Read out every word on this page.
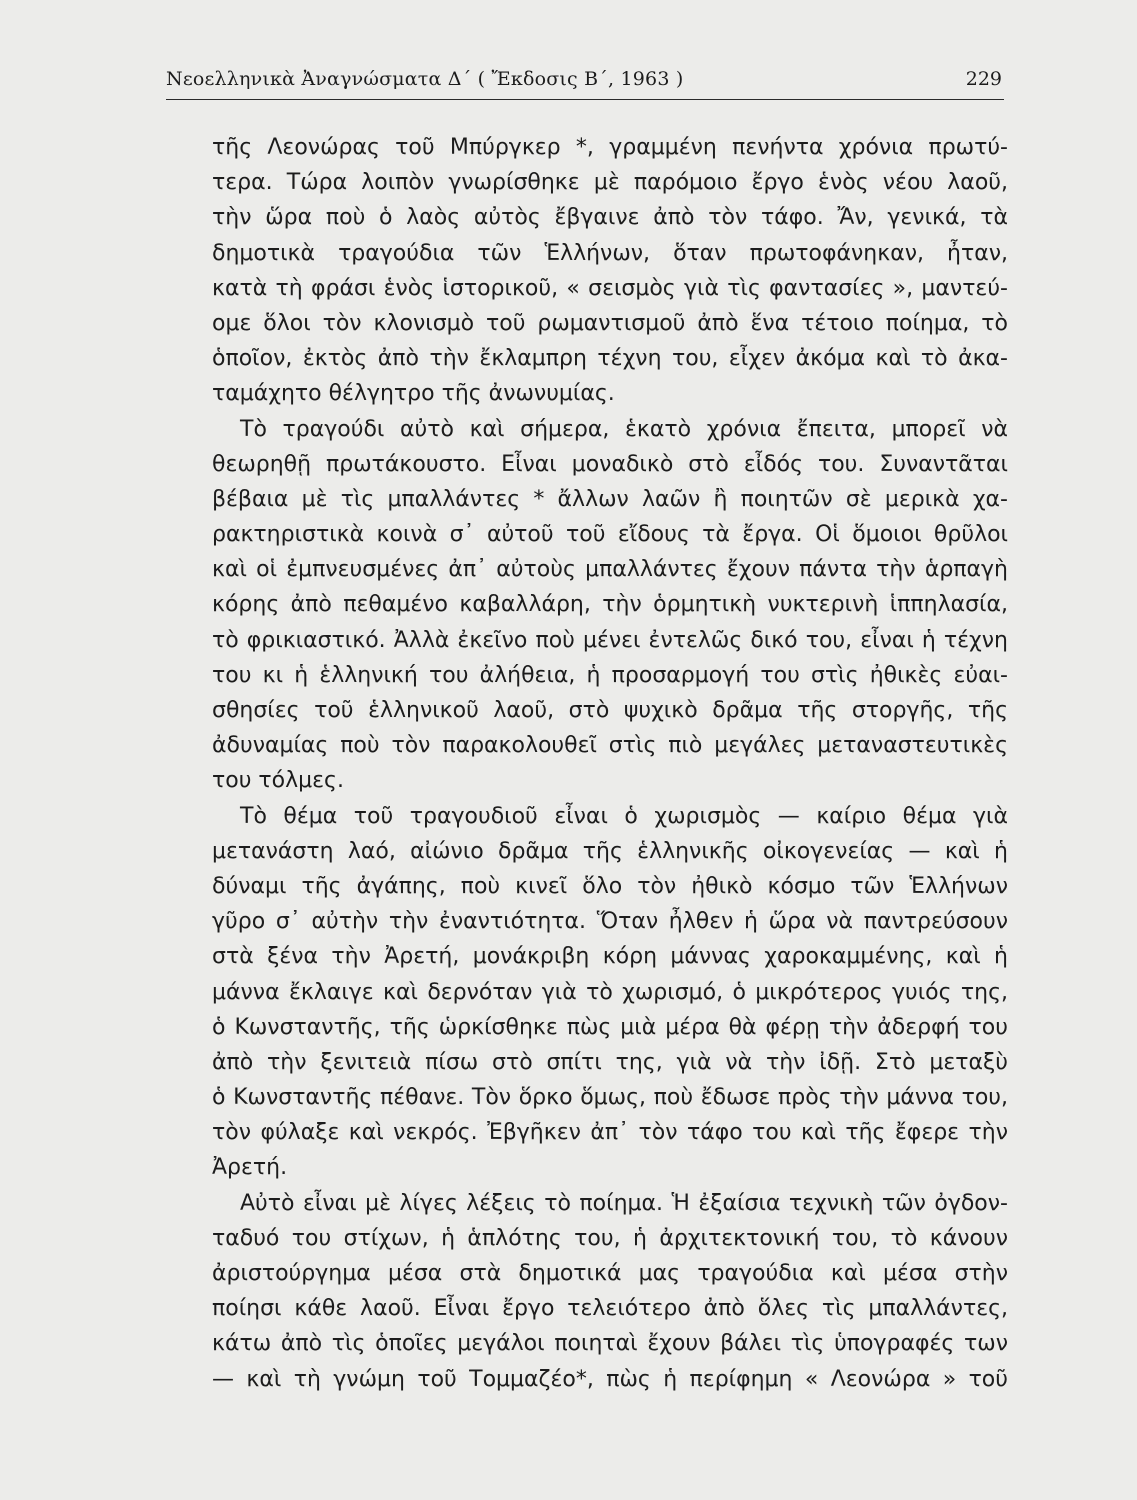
Νεοελληνικὰ Ἀναγνώσματα Δ΄ ( Ἔκδοσις Β΄, 1963 )	229
τῆς Λεονώρας τοῦ Μπύργκερ *, γραμμένη πενήντα χρόνια πρωτύ-
τερα. Τώρα λοιπὸν γνωρίσθηκε μὲ παρόμοιο ἔργο ἑνὸς νέου λαοῦ,
τὴν ὥρα ποὺ ὁ λαὸς αὐτὸς ἔβγαινε ἀπὸ τὸν τάφο. Ἄν, γενικά, τὰ
δημοτικὰ τραγούδια τῶν Ἑλλήνων, ὅταν πρωτοφάνηκαν, ἦταν,
κατὰ τὴ φράσι ἑνὸς ἱστορικοῦ, « σεισμὸς γιὰ τὶς φαντασίες », μαντεύ-
ομε ὅλοι τὸν κλονισμὸ τοῦ ρωμαντισμοῦ ἀπὸ ἕνα τέτοιο ποίημα, τὸ
ὁποῖον, ἐκτὸς ἀπὸ τὴν ἔκλαμπρη τέχνη του, εἶχεν ἀκόμα καὶ τὸ ἀκα-
ταμάχητο θέλγητρο τῆς ἀνωνυμίας.
Τὸ τραγούδι αὐτὸ καὶ σήμερα, ἑκατὸ χρόνια ἔπειτα, μπορεῖ νὰ
θεωρηθῇ πρωτάκουστο. Εἶναι μοναδικὸ στὸ εἶδός του. Συναντᾶται
βέβαια μὲ τὶς μπαλλάντες * ἄλλων λαῶν ἢ ποιητῶν σὲ μερικὰ χα-
ρακτηριστικὰ κοινὰ σ᾿ αὐτοῦ τοῦ εἴδους τὰ ἔργα. Οἱ ὅμοιοι θρῦλοι
καὶ οἱ ἐμπνευσμένες ἀπ᾿ αὐτοὺς μπαλλάντες ἔχουν πάντα τὴν ἁρπαγὴ
κόρης ἀπὸ πεθαμένο καβαλλάρη, τὴν ὁρμητικὴ νυκτερινὴ ἱππηλασία,
τὸ φρικιαστικό. Ἀλλὰ ἐκεῖνο ποὺ μένει ἐντελῶς δικό του, εἶναι ἡ τέχνη
του κι ἡ ἑλληνική του ἀλήθεια, ἡ προσαρμογή του στὶς ἠθικὲς εὐαι-
σθησίες τοῦ ἑλληνικοῦ λαοῦ, στὸ ψυχικὸ δρᾶμα τῆς στοργῆς, τῆς
ἀδυναμίας ποὺ τὸν παρακολουθεῖ στὶς πιὸ μεγάλες μεταναστευτικὲς
του τόλμες.
Τὸ θέμα τοῦ τραγουδιοῦ εἶναι ὁ χωρισμὸς — καίριο θέμα γιὰ
μετανάστη λαό, αἰώνιο δρᾶμα τῆς ἑλληνικῆς οἰκογενείας — καὶ ἡ
δύναμι τῆς ἀγάπης, ποὺ κινεῖ ὅλο τὸν ἠθικὸ κόσμο τῶν Ἑλλήνων
γῦρο σ᾿ αὐτὴν τὴν ἐναντιότητα. Ὅταν ἦλθεν ἡ ὥρα νὰ παντρεύσουν
στὰ ξένα τὴν Ἀρετή, μονάκριβη κόρη μάννας χαροκαμμένης, καὶ ἡ
μάννα ἔκλαιγε καὶ δερνόταν γιὰ τὸ χωρισμό, ὁ μικρότερος γυιός της,
ὁ Κωνσταντῆς, τῆς ὡρκίσθηκε πὼς μιὰ μέρα θὰ φέρῃ τὴν ἀδερφή του
ἀπὸ τὴν ξενιτειὰ πίσω στὸ σπίτι της, γιὰ νὰ τὴν ἰδῇ. Στὸ μεταξὺ
ὁ Κωνσταντῆς πέθανε. Τὸν ὅρκο ὅμως, ποὺ ἔδωσε πρὸς τὴν μάννα του,
τὸν φύλαξε καὶ νεκρός. Ἐβγῆκεν ἀπ᾿ τὸν τάφο του καὶ τῆς ἔφερε τὴν
Ἀρετή.
Αὐτὸ εἶναι μὲ λίγες λέξεις τὸ ποίημα. Ἡ ἐξαίσια τεχνικὴ τῶν ὀγδον-
ταδυό του στίχων, ἡ ἁπλότης του, ἡ ἀρχιτεκτονική του, τὸ κάνουν
ἀριστούργημα μέσα στὰ δημοτικά μας τραγούδια καὶ μέσα στὴν
ποίησι κάθε λαοῦ. Εἶναι ἔργο τελειότερο ἀπὸ ὅλες τὶς μπαλλάντες,
κάτω ἀπὸ τὶς ὁποῖες μεγάλοι ποιηταὶ ἔχουν βάλει τὶς ὑπογραφές των
— καὶ τὴ γνώμη τοῦ Τομμαζέο*, πὼς ἡ περίφημη « Λεονώρα » τοῦ
